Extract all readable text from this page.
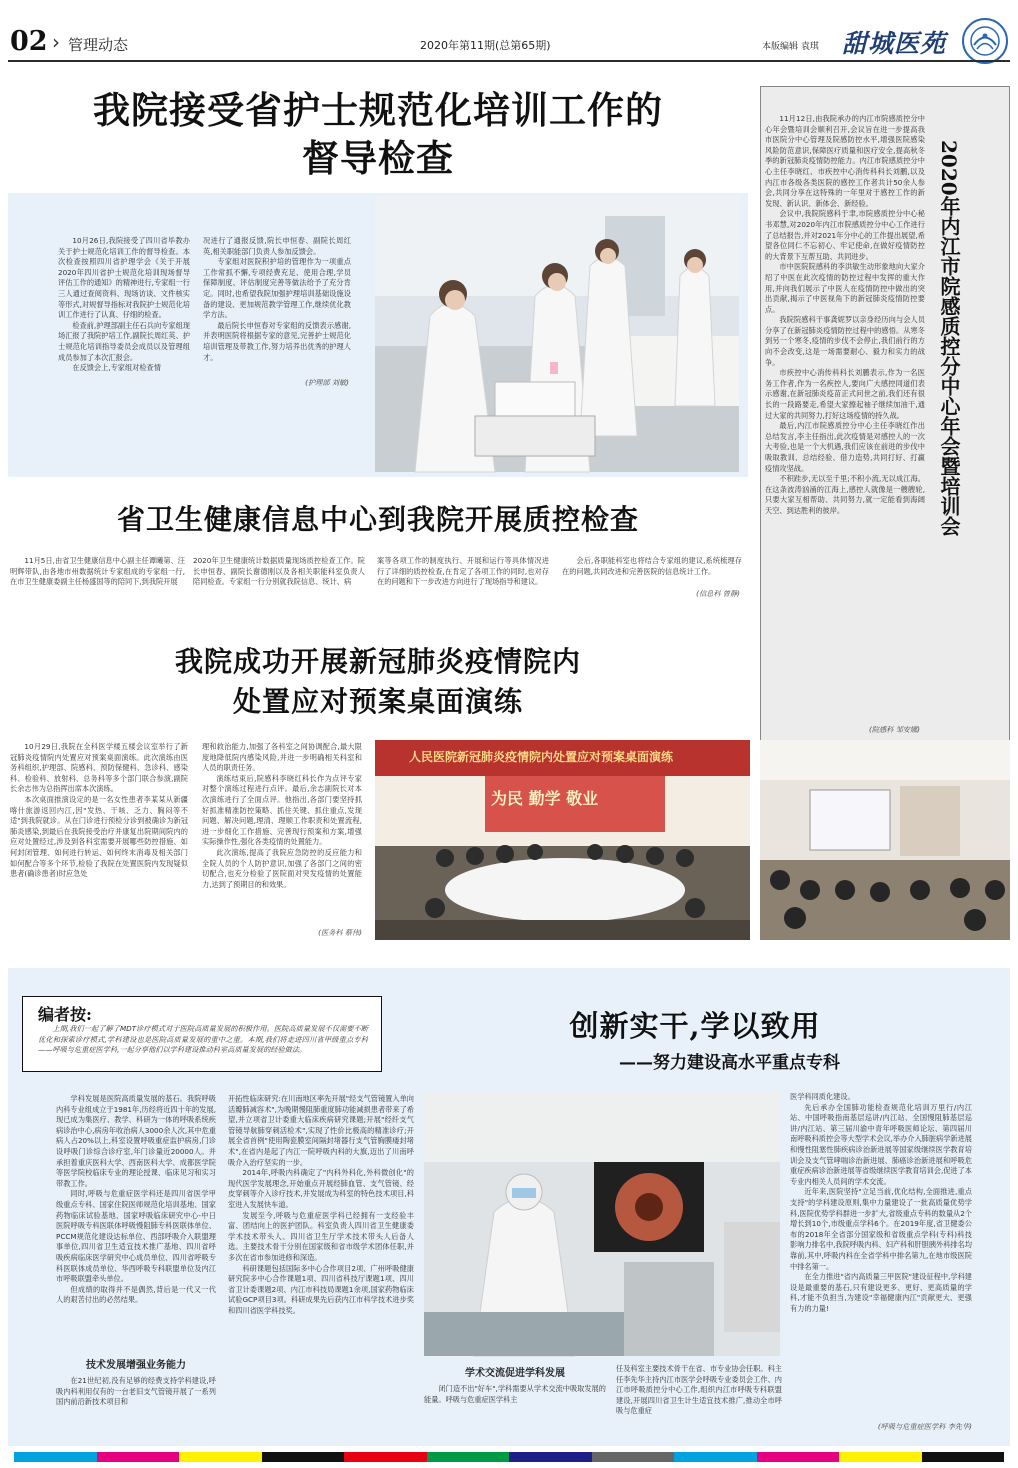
02 › 管理动态	2020年第11期(总第65期)	本版编辑 袁琪 甜城医苑
我院接受省护士规范化培训工作的
督导检查

10月26日,我院接受了四川省毕教办关于护士规范化培训工作的督导检查。本次检查按照四川省护理学会《关于开展2020年四川省护士规范化培训现场督导评估工作的通知》的精神进行,专家组一行三人通过查阅资料、现场访谈、文件核实等形式,对规督导指标对我院护士规范化培训工作进行了认真、仔细的检查。

检查前,护理部副主任石兵向专家组现场汇报了我院护培工作,副院长周红英、护士规范化培训指导委员会成员以及管理组成员参加了本次汇报会。

在反馈会上,专家组对检查情

况进行了通报反馈,院长申恒春、副院长周红英,相关职能部门负责人参加反馈会。

专家组对医院积护培的管理作为一项重点工作常抓不懈,专项经费充足、使用合理,学员保障制度、评估制度完善等做法给予了充分肯定。同时,也希望我院加强护理培训基础设施设备的建设、更加规范教学管理工作,继续优化教学方法。

最后院长申恒春对专家组的反馈表示感谢,并表明医院将根据专家的意见,完善护士规范化培训管理及带教工作,努力培养出优秀的护理人才。

(护理部 刘敏)

11月12日,由我院承办的内江市院感质控分中心年会暨培训会顺利召开,会议旨在进一步提高我市医院分中心管理及院感防控水平,增强医院感染风险防范意识,保障医疗质量和医疗安全,提高秋冬季的新冠肺炎疫情防控能力。内江市院感质控分中心主任李晓红、市疾控中心消传科科长刘鹏,以及内江市各级各类医院的感控工作者共计50余人参会,共同分享在这特殊的一年里对于感控工作的新发现、新认识、新体会、新经验。

会议中,我院院感科于聿,市院感质控分中心秘书邓慧,对2020年内江市院感质控分中心工作进行了总结报告,并对2021年分中心的工作提出展望,希望各位同仁不忘初心、牢记使命,在做好疫情防控的大背景下互帮互助、共同进步。

市中医院院感科的李洪敏生动形象地向大家介绍了中医在此次疫情的防控过程中发挥的重大作用,并向我们展示了中医人在疫情防控中做出的突出贡献,揭示了中医视角下的新冠肺炎疫情防控要点。

我院院感科干事龚妮罗以亲身经历向与会人员分享了在新冠肺炎疫情防控过程中的感悟。从寒冬到另一个寒冬,疫情的步伐不会停止,我们前行的方向不会改变,这是一场需要耐心、毅力和实力的战争。

市疾控中心消传科科长刘鹏表示,作为一名医务工作者,作为一名疾控人,要向广大感控同道们表示感谢,在新冠肺炎疫苗正式问世之前,我们还有很长的一段路要走,希望大家擦起袖子继续加油干,通过大家的共同努力,打好这场疫情的持久战。

最后,内江市院感质控分中心主任李晓红作出总结发言,李主任指出,此次疫情是对感控人的一次大考验,也是一个大机遇,我们应该在前进的步伐中吸取教训、总结经验、借力造势,共同打好、打赢疫情攻坚战。

不积跬步,无以至千里;不积小流,无以成江海。在这条波涛汹涌的江海上,感控人就像是一艘艘轮,只要大家互相帮助、共同努力,就一定能看到海阔天空、到达胜利的彼岸。

(院感科 邹安娜)
2020年内江市院感质控分中心年会暨培训会
省卫生健康信息中心到我院开展质控检查

11月5日,由省卫生健康信息中心副主任谭曦第、汪明辉带队,由各地市州数据统计专家组成的专家组一行,在市卫生健康委副主任杨盛国等的陪同下,到我院开展

2020年卫生健康统计数据质量现场质控检查工作。院长申恒春、副院长谢德刚以及各相关职能科室负责人陪同检查。专家组一行分别就我院信息、统计、病

案等各项工作的制度执行、开展和运行等具体情况进行了详细的质控检查,在肯定了各项工作的同时,也对存在的问题和下一步改进方向进行了现场指导和建议。

会后,各职能科室也将结合专家组的建议,系统梳理存在的问题,共同改进和完善医院的信息统计工作。

(信息科 曾静)
我院成功开展新冠肺炎疫情院内
处置应对预案桌面演练

10月29日,我院在全科医学楼五楼会议室举行了新冠肺炎疫情院内处置应对预案桌面演练。此次演练由医务科组织,护理部、院感科、预防保健科、急诊科、感染科、检验科、放射科、总务科等多个部门联合参演,副院长余志伟为总指挥出席本次演练。

本次桌面推演设定的是一名女性患者李某某从新疆喀什旅游返回内江,因"发热、干咳、乏力、胸闷等不适"到我院就诊。从在门诊进行预检分诊到被确诊为新冠肺炎感染,到最后在我院接受治疗并康复出院期间院内的应对处置经过,涉及到各科室需要开展哪些防控措施、如何封闭管理、如何进行转运、如何终末消毒及相关部门如何配合等多个环节,检验了我院在处置医院内发现疑似患者(确诊患者)时应急处

理和救治能力,加强了各科室之间协调配合,最大限度地降低院内感染风险,并进一步明确相关科室和人员的职责任务。

演练结束后,院感科李晓红科长作为点评专家对整个演练过程进行点评。最后,余志副院长对本次演练进行了全面点评。他指出,各部门要坚持抓好抓准精准防控策略、抓住关键、抓住重点,发现问题、解决问题,理清、理顺工作职责和处置流程,进一步细化工作措施、完善现行预案和方案,增强实际操作性,强化各类疫情的处置能力。

此次演练,提高了我院应急防控的反应能力和全院人员的个人防护意识,加强了各部门之间的密切配合,也充分检验了医院面对突发疫情的处置能力,达到了预期目的和效果。

(医务科 蔡伟)
人民医院新冠肺炎疫情院内处置应对预案桌面演练
为民 勤学 敬业
编者按:

上期,我们一起了解了MDT诊疗模式对于医院高质量发展的积极作用。医院高质量发展不仅需要不断优化和探索诊疗模式,学科建设也是医院高质量发展的重中之重。本期,我们将走进四川省甲级重点专科——呼吸与危重症医学科,一起分享他们以学科建设推动科室高质量发展的经验做法。

创新实干,学以致用
——努力建设高水平重点专科

学科发展是医院高质量发展的基石。我院呼吸内科专业组成立于1981年,历经将近四十年的发展,现已成为集医疗、教学、科研为一体的呼吸系统疾病诊治中心,病房年收治病人3000余人次,其中危重病人占20%以上,科室设置呼吸重症监护病房,门诊设呼吸门诊综合诊疗室,年门诊量近20000人。并承担着重庆医科大学、西南医科大学、成都医学院等医学院校临床专业的理论授课、临床见习和实习带教工作。

同时,呼吸与危重症医学科还是四川省医学甲级重点专科、国家住院医师规范化培训基地、国家药物临床试验基地、国家呼吸临床研究中心-中日医院呼吸专科医联体呼吸慢阻肺专科医联体单位、PCCM规范化建设达标单位、西部呼吸介入联盟理事单位,四川省卫生适宜技术推广基地、四川省呼吸疾病临床医学研究中心成员单位、四川省呼吸专科医联体成员单位、华西呼吸专科联盟单位及内江市呼吸联盟牵头单位。

但成绩的取得并不是偶然,背后是一代又一代人的艰苦付出的必然结果。

技术发展增强业务能力

在21世纪初,没有足够的经费支持学科建设,呼吸内科利用仅有的一台老旧支气管镜开展了一系列国内前沿新技术项目和

开拓性临床研究:在川南地区率先开展"经支气管镜置入单向活瓣肺减容术",为晚期慢阻肺重度肺功能减损患者带来了希望,并立项省卫计委重大临床疾病研究课题;开展"经纤支气管镜导航肺穿刺活检术",实现了性价比极高的精准诊疗;开展全省首例"使用陶瓷膜室间隔封堵器行支气管胸膜瘘封堵术",在省内是起了内江一院呼吸内科的大旗,迈出了川南呼吸介入治疗坚实的一步。

2014年,呼吸内科确定了"内科外科化,外科微创化"的现代医学发展理念,开始重点开展经肺血管、支气管镜、经皮穿刺等介入诊疗技术,并发展成为科室的特色技术项目,科室进入发展快车道。

发展至今,呼吸与危重症医学科已经拥有一支经验丰富、团结向上的医护团队。科室负责人四川省卫生健康委学术技术带头人、四川省卫生厅学术技术带头人后备人选。主要技术骨干分别在国家级和省市级学术团体任职,并多次在省市参加进修和深造。

科研课题包括国际多中心合作项目2项、广州呼吸健康研究院多中心合作课题1项、四川省科技厅课题1项、四川省卫计委课题2项、内江市科技局课题1余项,国家药物临床试验GCP项目3项。科研成果先后获内江市科学技术进步奖和四川省医学科技奖。

学术交流促进学科发展

闭门造不出"好车",学科需要从学术交流中吸取发展的能量。呼吸与危重症医学科主

任及科室主要技术骨干在省、市专业协会任职。科主任李先华主持内江市医学会呼吸专业委员会工作、内江市呼吸质控分中心工作,组织内江市呼吸专科联盟建设,开展四川省卫生计生适宜技术推广,推动全市呼吸与危重症

医学科同质化建设。

先后承办全国肺功能检查规范化培训万里行/内江站、中国呼吸指南基层巡讲/内江站、全国慢阻肺基层巡讲/内江站、第三届川渝中青年呼吸医师论坛、第四届川南呼吸科质控会等大型学术会议,举办介入肺脏病学新进展和慢性阻塞性肺疾病诊治新进展等国家级继续医学教育培训会及支气管哮喘诊治新进展、肺癌诊治新进展和呼吸危重症疾病诊治新进展等省级继续医学教育培训会,促进了本专业内相关人员间的学术交流。

近年来,医院坚持"立足当前,优化结构,全面推进,重点支持"的学科建设原则,集中力量建设了一批高质量优势学科,医院优势学科群进一步扩大,省级重点专科的数量从2个增长到10个,市级重点学科6个。在2019年度,省卫健委公布的2018年全省部分国家级和省级重点学科(专科)科技影响力排名中,我院呼吸内科、妇产科和肝胆胰外科排名均靠前,其中,呼吸内科在全省学科中排名第九,在地市级医院中排名第一。

在全力推进"省内高质量三甲医院"建设征程中,学科建设是最重要的基石,只有建设更多、更好、更高质量的学科,才能不负担当,为建设"幸福健康内江"贡献更大、更强有力的力量!

(呼吸与危重症医学科 李先华)
